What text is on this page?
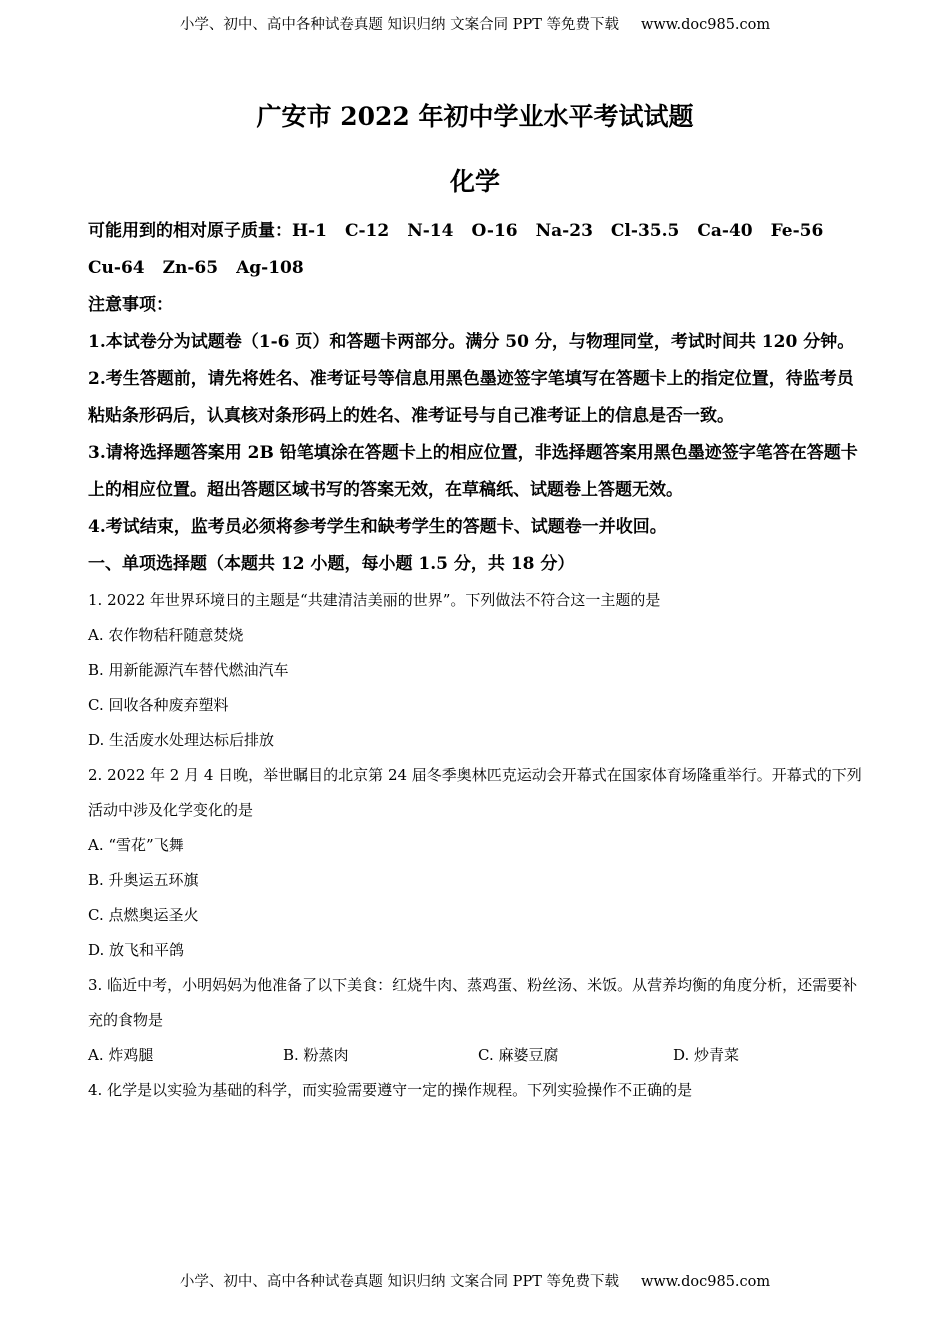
小学、初中、高中各种试卷真题 知识归纳 文案合同 PPT 等免费下载 www.doc985.com
广安市 2022 年初中学业水平考试试题
化学
可能用到的相对原子质量：H-1 C-12 N-14 O-16 Na-23 Cl-35.5 Ca-40 Fe-56
Cu-64 Zn-65 Ag-108

注意事项：

1.本试卷分为试题卷（1-6 页）和答题卡两部分。满分 50 分，与物理同堂，考试时间共 120 分钟。

2.考生答题前，请先将姓名、准考证号等信息用黑色墨迹签字笔填写在答题卡上的指定位置，待监考员粘贴条形码后，认真核对条形码上的姓名、准考证号与自己准考证上的信息是否一致。

3.请将选择题答案用 2B 铅笔填涂在答题卡上的相应位置，非选择题答案用黑色墨迹签字笔答在答题卡上的相应位置。超出答题区域书写的答案无效，在草稿纸、试题卷上答题无效。

4.考试结束，监考员必须将参考学生和缺考学生的答题卡、试题卷一并收回。

一、单项选择题（本题共 12 小题，每小题 1.5 分，共 18 分）
1. 2022 年世界环境日的主题是“共建清洁美丽的世界”。下列做法不符合这一主题的是
A. 农作物秸秆随意焚烧
B. 用新能源汽车替代燃油汽车
C. 回收各种废弃塑料
D. 生活废水处理达标后排放
2. 2022 年 2 月 4 日晚，举世瞩目的北京第 24 届冬季奥林匹克运动会开幕式在国家体育场隆重举行。开幕式的下列活动中涉及化学变化的是
A. “雪花”飞舞
B. 升奥运五环旗
C. 点燃奥运圣火
D. 放飞和平鸽
3. 临近中考，小明妈妈为他准备了以下美食：红烧牛肉、蒸鸡蛋、粉丝汤、米饭。从营养均衡的角度分析，还需要补充的食物是
A. 炸鸡腿	B. 粉蒸肉	C. 麻婆豆腐	D. 炒青菜
4. 化学是以实验为基础的科学，而实验需要遵守一定的操作规程。下列实验操作不正确的是
小学、初中、高中各种试卷真题 知识归纳 文案合同 PPT 等免费下载 www.doc985.com
